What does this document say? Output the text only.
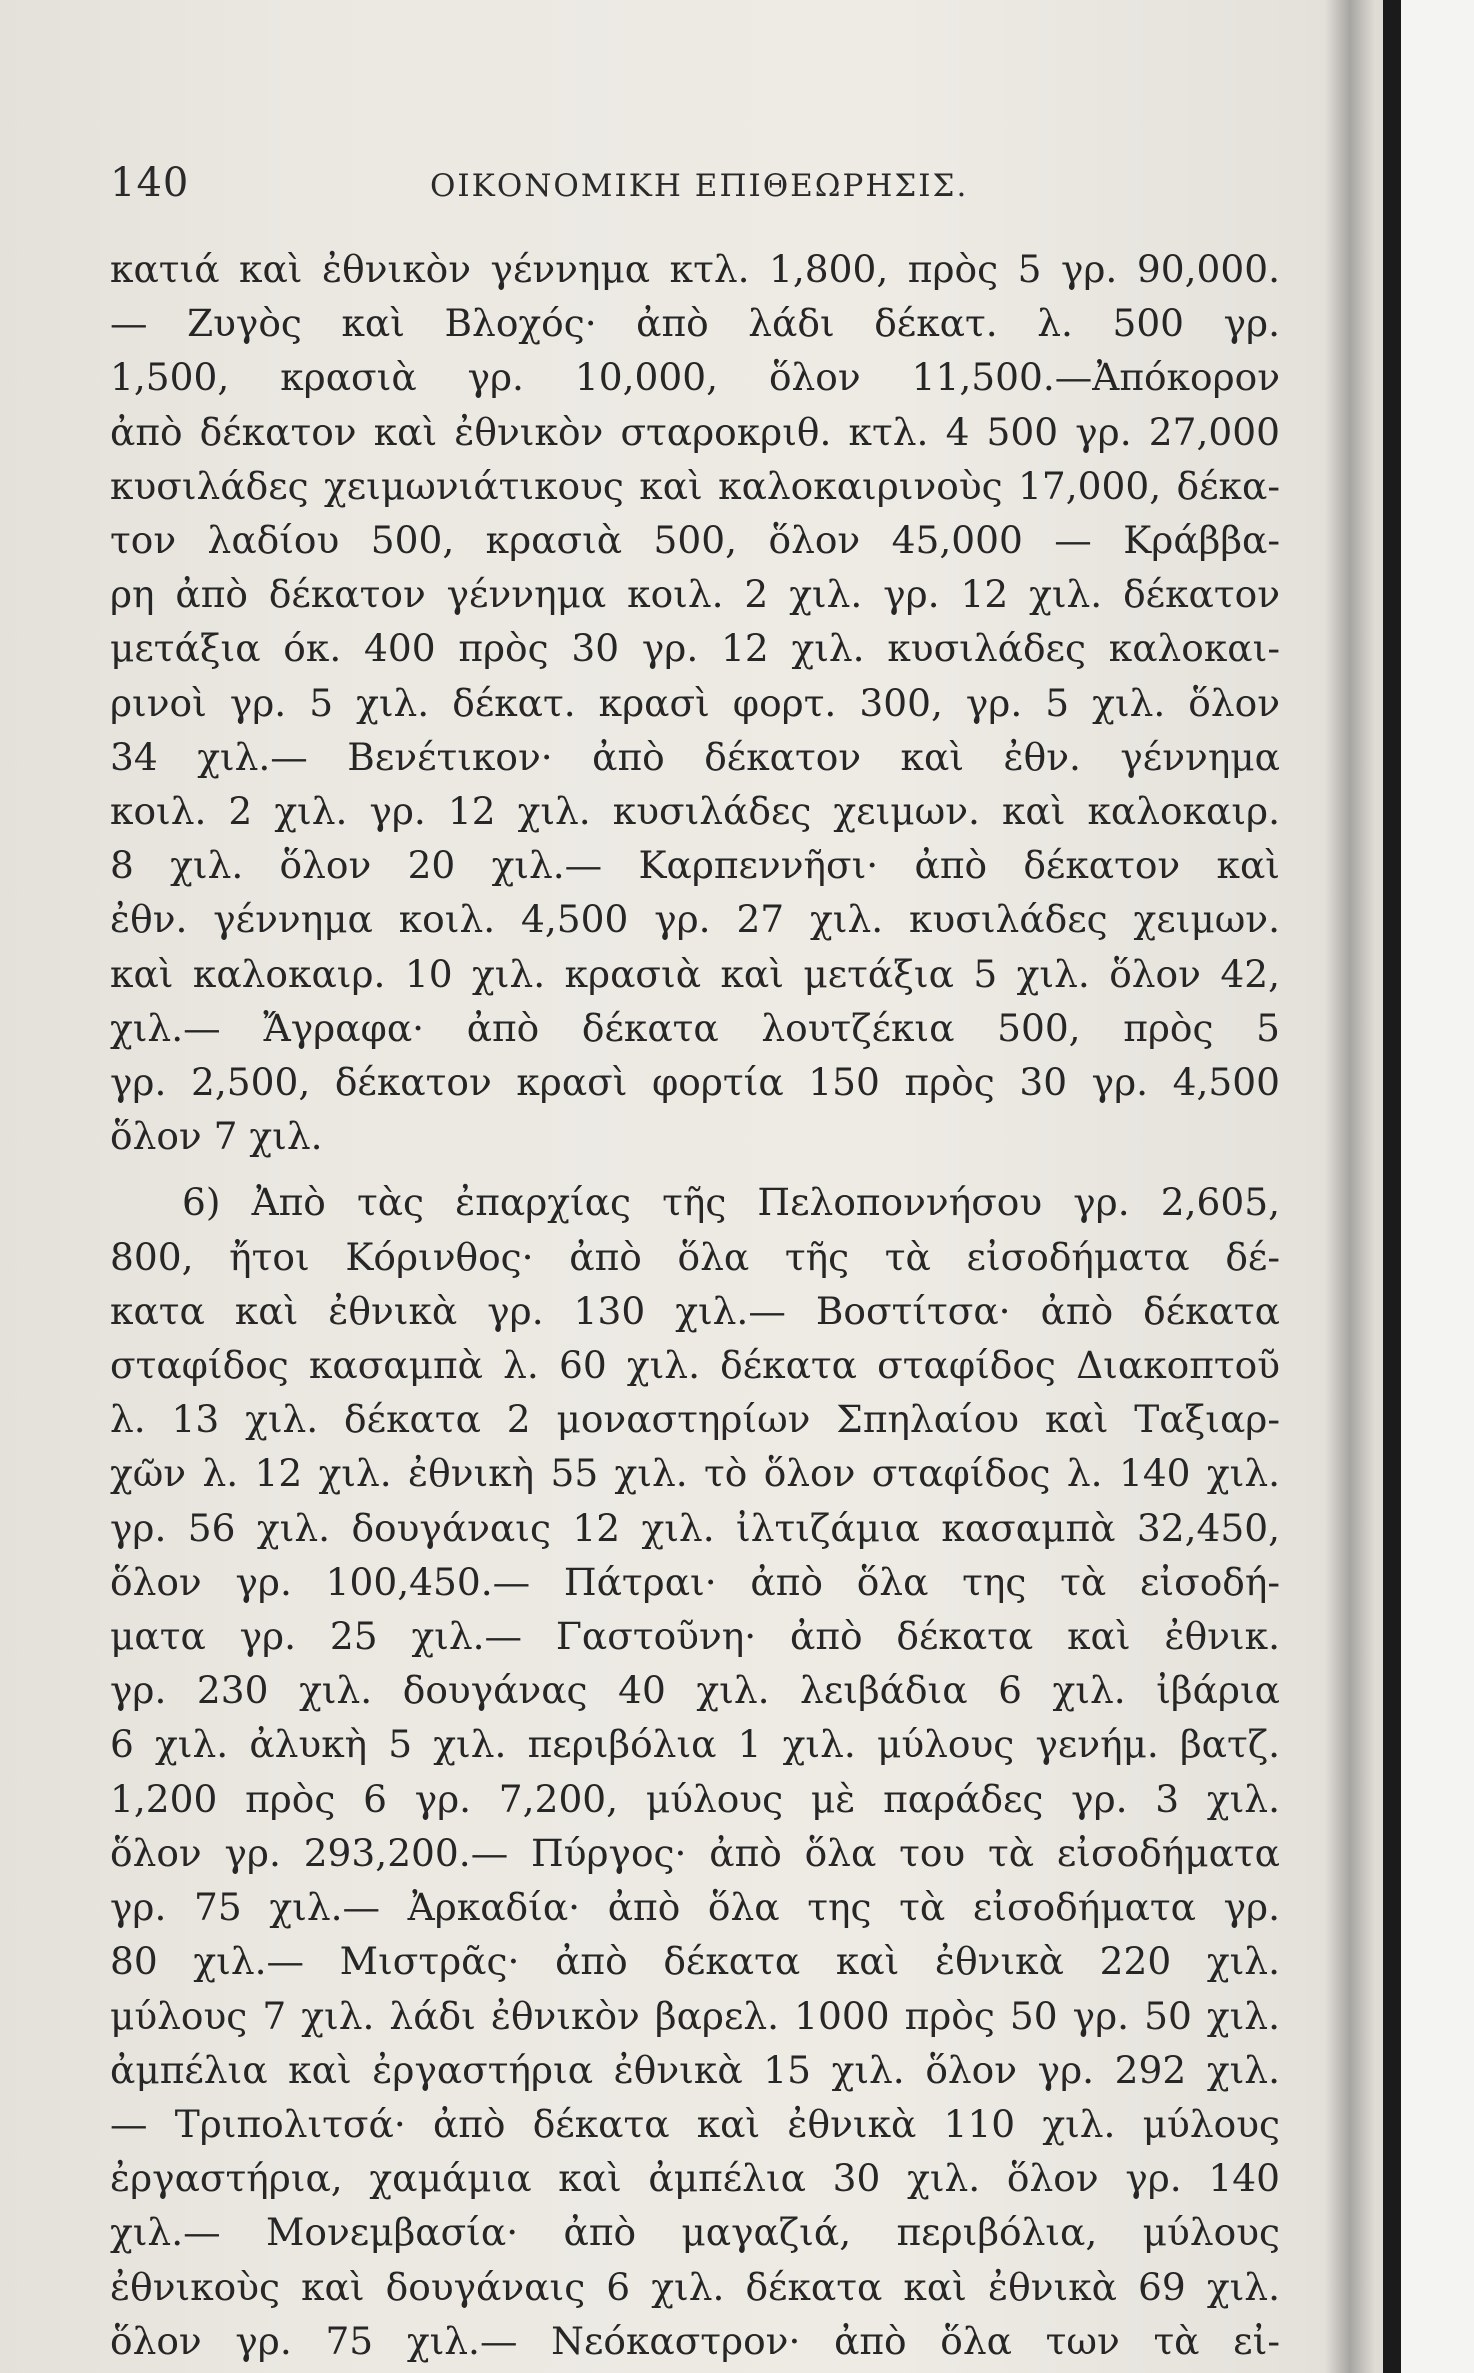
140	ΟΙΚΟΝΟΜΙΚΗ ΕΠΙΘΕΩΡΗΣΙΣ.
κατιά καὶ ἐθνικὸν γέννημα κτλ. 1,800, πρὸς 5 γρ. 90,000.
— Ζυγὸς καὶ Βλοχός· ἀπὸ λάδι δέκατ. λ. 500 γρ.
1,500, κρασιὰ γρ. 10,000, ὅλον 11,500.—Ἀπόκορον
ἀπὸ δέκατον καὶ ἐθνικὸν σταροκριθ. κτλ. 4 500 γρ. 27,000
κυσιλάδες χειμωνιάτικους καὶ καλοκαιρινοὺς 17,000, δέκα-
τον λαδίου 500, κρασιὰ 500, ὅλον 45,000 — Κράββα-
ρη ἀπὸ δέκατον γέννημα κοιλ. 2 χιλ. γρ. 12 χιλ. δέκατον
μετάξια όκ. 400 πρὸς 30 γρ. 12 χιλ. κυσιλάδες καλοκαι-
ρινοὶ γρ. 5 χιλ. δέκατ. κρασὶ φορτ. 300, γρ. 5 χιλ. ὅλον
34 χιλ.— Βενέτικον· ἀπὸ δέκατον καὶ ἐθν. γέννημα
κοιλ. 2 χιλ. γρ. 12 χιλ. κυσιλάδες χειμων. καὶ καλοκαιρ.
8 χιλ. ὅλον 20 χιλ.— Καρπεννῆσι· ἀπὸ δέκατον καὶ
ἐθν. γέννημα κοιλ. 4,500 γρ. 27 χιλ. κυσιλάδες χειμων.
καὶ καλοκαιρ. 10 χιλ. κρασιὰ καὶ μετάξια 5 χιλ. ὅλον 42,
χιλ.— Ἄγραφα· ἀπὸ δέκατα λουτζέκια 500, πρὸς 5
γρ. 2,500, δέκατον κρασὶ φορτία 150 πρὸς 30 γρ. 4,500
ὅλον 7 χιλ.
6) Ἀπὸ τὰς ἐπαρχίας τῆς Πελοποννήσου γρ. 2,605,
800, ἤτοι Κόρινθος· ἀπὸ ὅλα τῆς τὰ εἰσοδήματα δέ-
κατα καὶ ἐθνικὰ γρ. 130 χιλ.— Βοστίτσα· ἀπὸ δέκατα
σταφίδος κασαμπὰ λ. 60 χιλ. δέκατα σταφίδος Διακοπτοῦ
λ. 13 χιλ. δέκατα 2 μοναστηρίων Σπηλαίου καὶ Ταξιαρ-
χῶν λ. 12 χιλ. ἐθνικὴ 55 χιλ. τὸ ὅλον σταφίδος λ. 140 χιλ.
γρ. 56 χιλ. δουγάναις 12 χιλ. ἰλτιζάμια κασαμπὰ 32,450,
ὅλον γρ. 100,450.— Πάτραι· ἀπὸ ὅλα της τὰ εἰσοδή-
ματα γρ. 25 χιλ.— Γαστοῦνη· ἀπὸ δέκατα καὶ ἐθνικ.
γρ. 230 χιλ. δουγάνας 40 χιλ. λειβάδια 6 χιλ. ἰβάρια
6 χιλ. ἀλυκὴ 5 χιλ. περιβόλια 1 χιλ. μύλους γενήμ. βατζ.
1,200 πρὸς 6 γρ. 7,200, μύλους μὲ παράδες γρ. 3 χιλ.
ὅλον γρ. 293,200.— Πύργος· ἀπὸ ὅλα του τὰ εἰσοδήματα
γρ. 75 χιλ.— Ἀρκαδία· ἀπὸ ὅλα της τὰ εἰσοδήματα γρ.
80 χιλ.— Μιστρᾶς· ἀπὸ δέκατα καὶ ἐθνικὰ 220 χιλ.
μύλους 7 χιλ. λάδι ἐθνικὸν βαρελ. 1000 πρὸς 50 γρ. 50 χιλ.
ἀμπέλια καὶ ἐργαστήρια ἐθνικὰ 15 χιλ. ὅλον γρ. 292 χιλ.
— Τριπολιτσά· ἀπὸ δέκατα καὶ ἐθνικὰ 110 χιλ. μύλους
ἐργαστήρια, χαμάμια καὶ ἀμπέλια 30 χιλ. ὅλον γρ. 140
χιλ.— Μονεμβασία· ἀπὸ μαγαζιά, περιβόλια, μύλους
ἐθνικοὺς καὶ δουγάναις 6 χιλ. δέκατα καὶ ἐθνικὰ 69 χιλ.
ὅλον γρ. 75 χιλ.— Νεόκαστρον· ἀπὸ ὅλα των τὰ εἰ-
